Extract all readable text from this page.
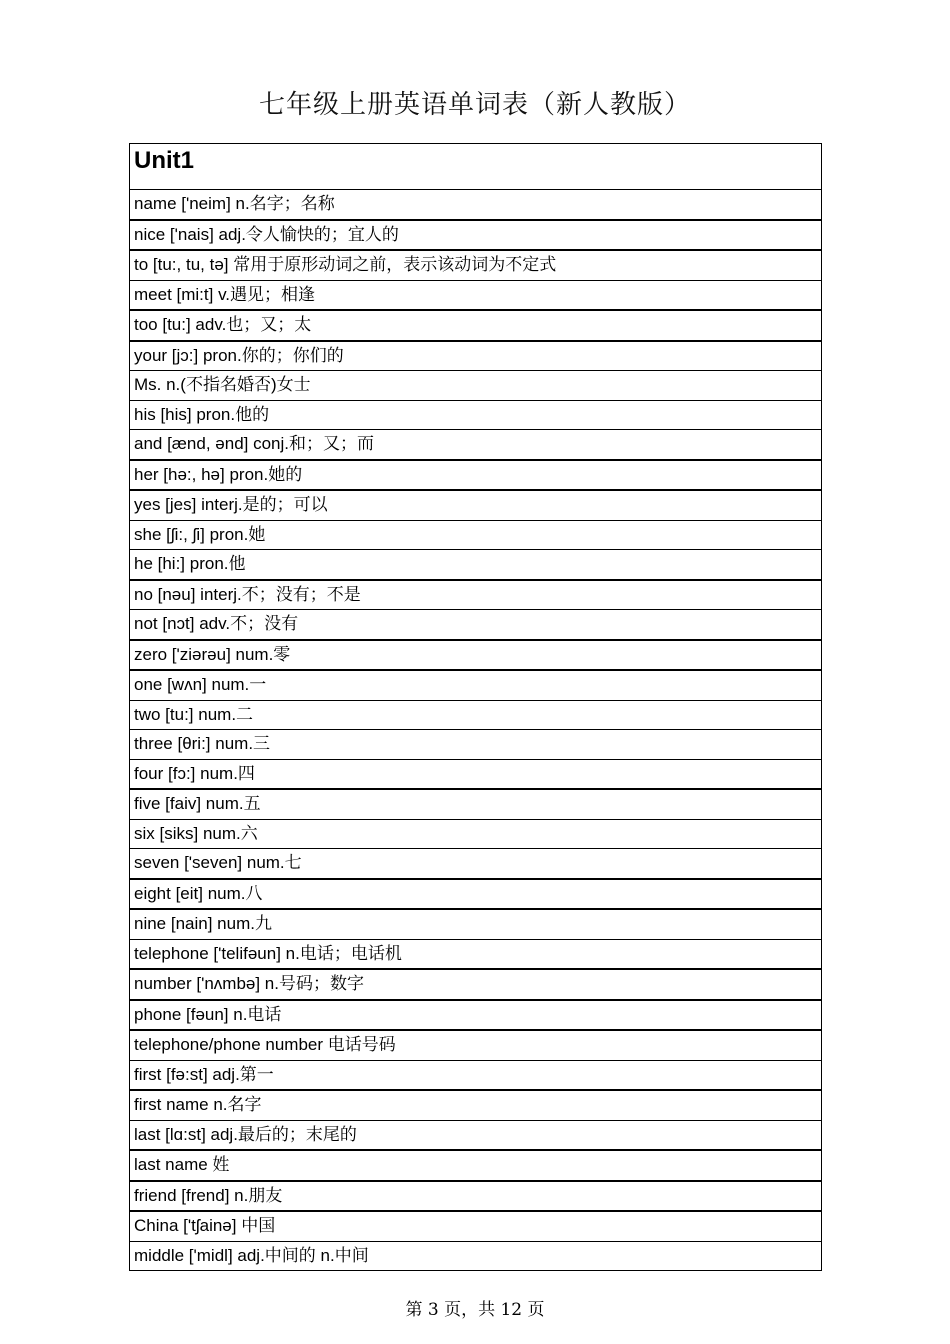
七年级上册英语单词表（新人教版）
Unit1
name ['neim] n.名字；名称
nice ['nais] adj.令人愉快的；宜人的
to [tu:, tu, tə] 常用于原形动词之前，表示该动词为不定式
meet [mi:t] v.遇见；相逢
too [tu:] adv.也；又；太
your [jɔ:] pron.你的；你们的
Ms. n.(不指名婚否)女士
his [his] pron.他的
and [ænd, ənd] conj.和；又；而
her [hə:, hə] pron.她的
yes [jes] interj.是的；可以
she [ʃi:, ʃi] pron.她
he [hi:] pron.他
no [nəu] interj.不；没有；不是
not [nɔt] adv.不；没有
zero ['ziərəu] num.零
one [wʌn] num.一
two [tu:] num.二
three [θri:] num.三
four [fɔ:] num.四
five [faiv] num.五
six [siks] num.六
seven ['seven] num.七
eight [eit] num.八
nine [nain] num.九
telephone ['telifəun] n.电话；电话机
number ['nʌmbə] n.号码；数字
phone [fəun] n.电话
telephone/phone number 电话号码
first [fə:st] adj.第一
first name n.名字
last [lɑ:st] adj.最后的；末尾的
last name 姓
friend [frend] n.朋友
China ['tʃainə] 中国
middle ['midl] adj.中间的 n.中间
第 3 页，共 12 页
